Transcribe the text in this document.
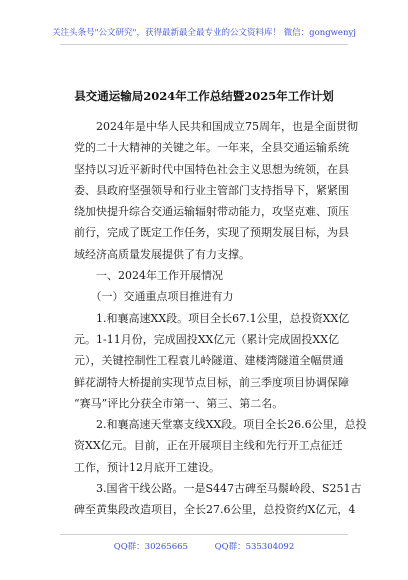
关注头条号"公文研究"，获得最新最全最专业的公文资料库！ 微信：gongwenyj
县交通运输局2024年工作总结暨2025年工作计划
　　2024年是中华人民共和国成立75周年，也是全面贯彻
党的二十大精神的关键之年。一年来，全县交通运输系统
坚持以习近平新时代中国特色社会主义思想为统领，在县
委、县政府坚强领导和行业主管部门支持指导下，紧紧围
绕加快提升综合交通运输辐射带动能力，攻坚克难、顶压
前行，完成了既定工作任务，实现了预期发展目标，为县
域经济高质量发展提供了有力支撑。
　　一、2024年工作开展情况
　　（一）交通重点项目推进有力
　　1.和襄高速XX段。项目全长67.1公里，总投资XX亿
元。1-11月份，完成固投XX亿元（累计完成固投XX亿
元），关键控制性工程袁儿岭隧道、建楼湾隧道全幅贯通
鲜花湖特大桥提前实现节点目标，前三季度项目协调保障
“赛马”评比分获全市第一、第三、第二名。
　　2.和襄高速天堂寨支线XX段。项目全长26.6公里，总投
资XX亿元。目前，正在开展项目主线和先行开工点征迁
工作，预计12月底开工建设。
　　3.国省干线公路。一是S447古碑至马鬃岭段、S251古
碑至黄集段改造项目，全长27.6公里，总投资约X亿元，4
QQ群：30265665	QQ群：535304092
